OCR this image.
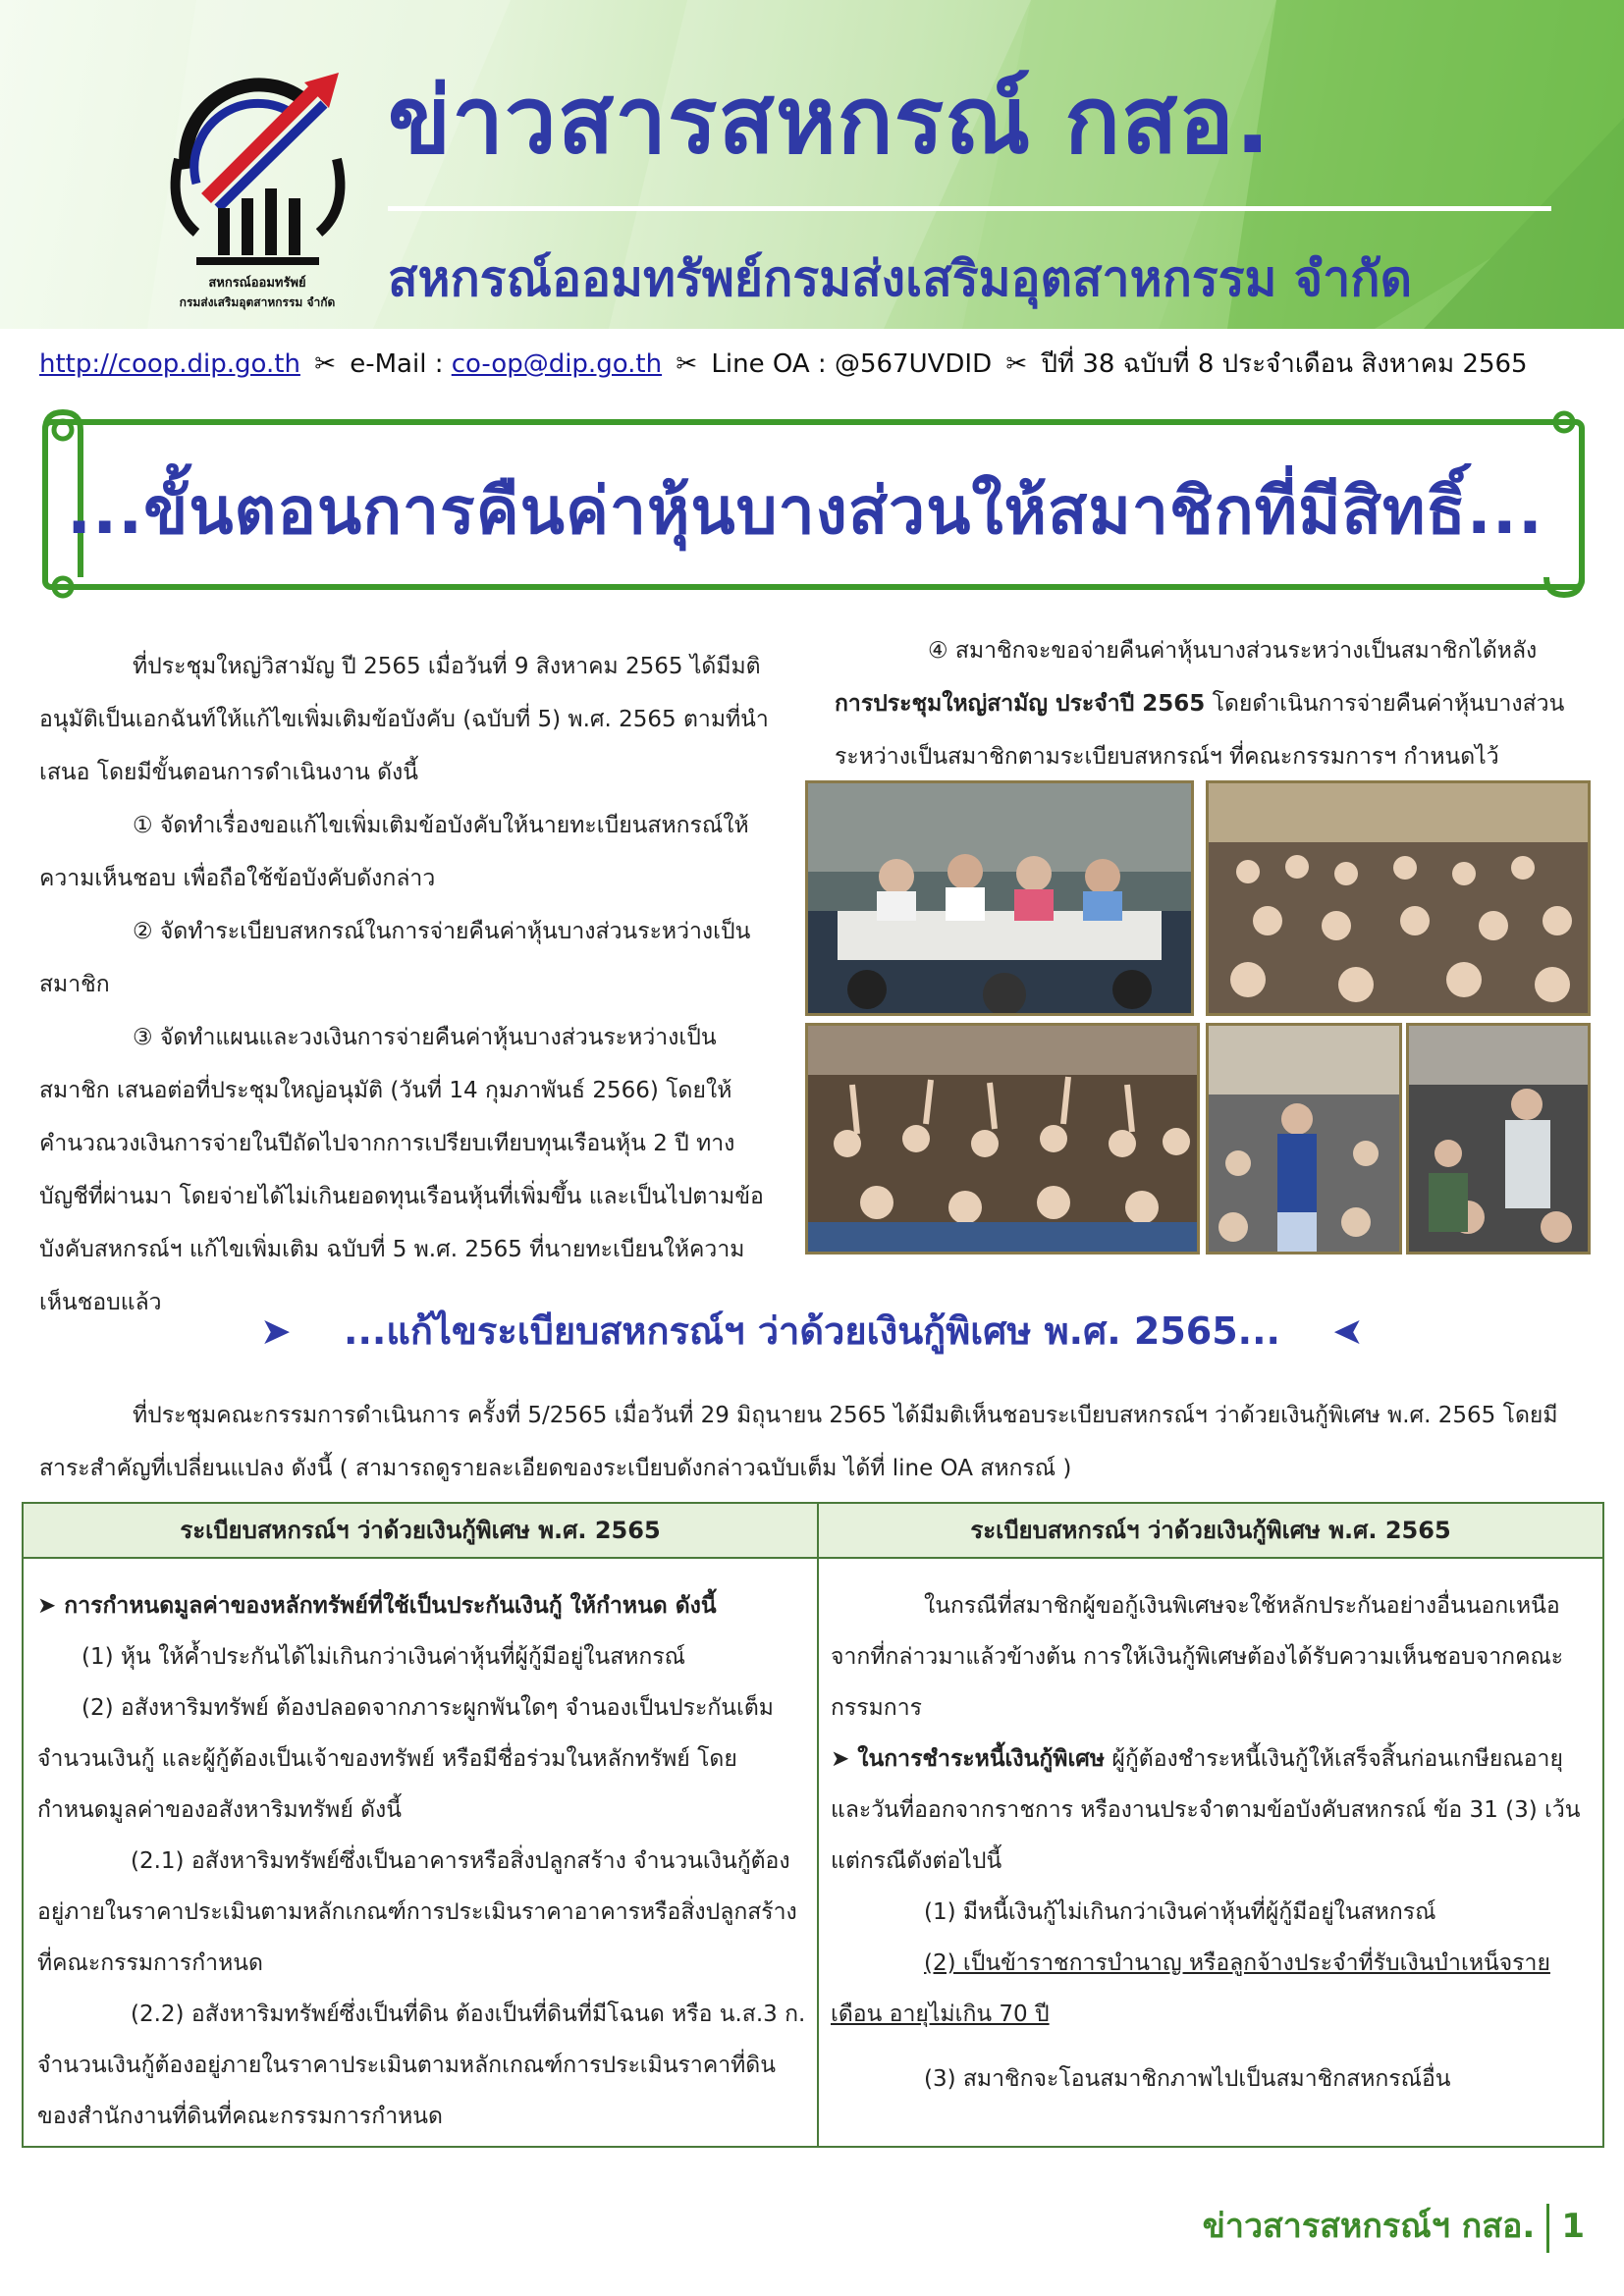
สหกรณ์ออมทรัพย์
กรมส่งเสริมอุตสาหกรรม จำกัด
ข่าวสารสหกรณ์ กสอ.
สหกรณ์ออมทรัพย์กรมส่งเสริมอุตสาหกรรม จำกัด
http://coop.dip.go.th ✂ e-Mail : co-op@dip.go.th ✂ Line OA : @567UVDID ✂ ปีที่ 38 ฉบับที่ 8 ประจำเดือน สิงหาคม 2565
...ขั้นตอนการคืนค่าหุ้นบางส่วนให้สมาชิกที่มีสิทธิ์...

ที่ประชุมใหญ่วิสามัญ ปี 2565 เมื่อวันที่ 9 สิงหาคม 2565 ได้มีมติอนุมัติเป็นเอกฉันท์ให้แก้ไขเพิ่มเติมข้อบังคับ (ฉบับที่ 5) พ.ศ. 2565 ตามที่นำเสนอ โดยมีขั้นตอนการดำเนินงาน ดังนี้

① จัดทำเรื่องขอแก้ไขเพิ่มเติมข้อบังคับให้นายทะเบียนสหกรณ์ให้ความเห็นชอบ เพื่อถือใช้ข้อบังคับดังกล่าว

② จัดทำระเบียบสหกรณ์ในการจ่ายคืนค่าหุ้นบางส่วนระหว่างเป็นสมาชิก

③ จัดทำแผนและวงเงินการจ่ายคืนค่าหุ้นบางส่วนระหว่างเป็นสมาชิก เสนอต่อที่ประชุมใหญ่อนุมัติ (วันที่ 14 กุมภาพันธ์ 2566) โดยให้คำนวณวงเงินการจ่ายในปีถัดไปจากการเปรียบเทียบทุนเรือนหุ้น 2 ปี ทางบัญชีที่ผ่านมา โดยจ่ายได้ไม่เกินยอดทุนเรือนหุ้นที่เพิ่มขึ้น และเป็นไปตามข้อบังคับสหกรณ์ฯ แก้ไขเพิ่มเติม ฉบับที่ 5 พ.ศ. 2565 ที่นายทะเบียนให้ความเห็นชอบแล้ว

④ สมาชิกจะขอจ่ายคืนค่าหุ้นบางส่วนระหว่างเป็นสมาชิกได้หลังการประชุมใหญ่สามัญ ประจำปี 2565 โดยดำเนินการจ่ายคืนค่าหุ้นบางส่วนระหว่างเป็นสมาชิกตามระเบียบสหกรณ์ฯ ที่คณะกรรมการฯ กำหนดไว้

➤ ...แก้ไขระเบียบสหกรณ์ฯ ว่าด้วยเงินกู้พิเศษ พ.ศ. 2565... ➤

ที่ประชุมคณะกรรมการดำเนินการ ครั้งที่ 5/2565 เมื่อวันที่ 29 มิถุนายน 2565 ได้มีมติเห็นชอบระเบียบสหกรณ์ฯ ว่าด้วยเงินกู้พิเศษ พ.ศ. 2565 โดยมีสาระสำคัญที่เปลี่ยนแปลง ดังนี้ ( สามารถดูรายละเอียดของระเบียบดังกล่าวฉบับเต็ม ได้ที่ line OA สหกรณ์ )

ระเบียบสหกรณ์ฯ ว่าด้วยเงินกู้พิเศษ พ.ศ. 2565	ระเบียบสหกรณ์ฯ ว่าด้วยเงินกู้พิเศษ พ.ศ. 2565

➤ การกำหนดมูลค่าของหลักทรัพย์ที่ใช้เป็นประกันเงินกู้ ให้กำหนด ดังนี้

(1) หุ้น ให้ค้ำประกันได้ไม่เกินกว่าเงินค่าหุ้นที่ผู้กู้มีอยู่ในสหกรณ์

(2) อสังหาริมทรัพย์ ต้องปลอดจากภาระผูกพันใดๆ จำนองเป็นประกันเต็มจำนวนเงินกู้ และผู้กู้ต้องเป็นเจ้าของทรัพย์ หรือมีชื่อร่วมในหลักทรัพย์ โดยกำหนดมูลค่าของอสังหาริมทรัพย์ ดังนี้

(2.1) อสังหาริมทรัพย์ซึ่งเป็นอาคารหรือสิ่งปลูกสร้าง จำนวนเงินกู้ต้องอยู่ภายในราคาประเมินตามหลักเกณฑ์การประเมินราคาอาคารหรือสิ่งปลูกสร้างที่คณะกรรมการกำหนด

(2.2) อสังหาริมทรัพย์ซึ่งเป็นที่ดิน ต้องเป็นที่ดินที่มีโฉนด หรือ น.ส.3 ก. จำนวนเงินกู้ต้องอยู่ภายในราคาประเมินตามหลักเกณฑ์การประเมินราคาที่ดินของสำนักงานที่ดินที่คณะกรรมการกำหนด

ในกรณีที่สมาชิกผู้ขอกู้เงินพิเศษจะใช้หลักประกันอย่างอื่นนอกเหนือจากที่กล่าวมาแล้วข้างต้น การให้เงินกู้พิเศษต้องได้รับความเห็นชอบจากคณะกรรมการ

➤ ในการชำระหนี้เงินกู้พิเศษ ผู้กู้ต้องชำระหนี้เงินกู้ให้เสร็จสิ้นก่อนเกษียณอายุ และวันที่ออกจากราชการ หรืองานประจำตามข้อบังคับสหกรณ์ ข้อ 31 (3) เว้นแต่กรณีดังต่อไปนี้

(1) มีหนี้เงินกู้ไม่เกินกว่าเงินค่าหุ้นที่ผู้กู้มีอยู่ในสหกรณ์

(2) เป็นข้าราชการบำนาญ หรือลูกจ้างประจำที่รับเงินบำเหน็จรายเดือน อายุไม่เกิน 70 ปี

(3) สมาชิกจะโอนสมาชิกภาพไปเป็นสมาชิกสหกรณ์อื่น

ข่าวสารสหกรณ์ฯ กสอ. 1
